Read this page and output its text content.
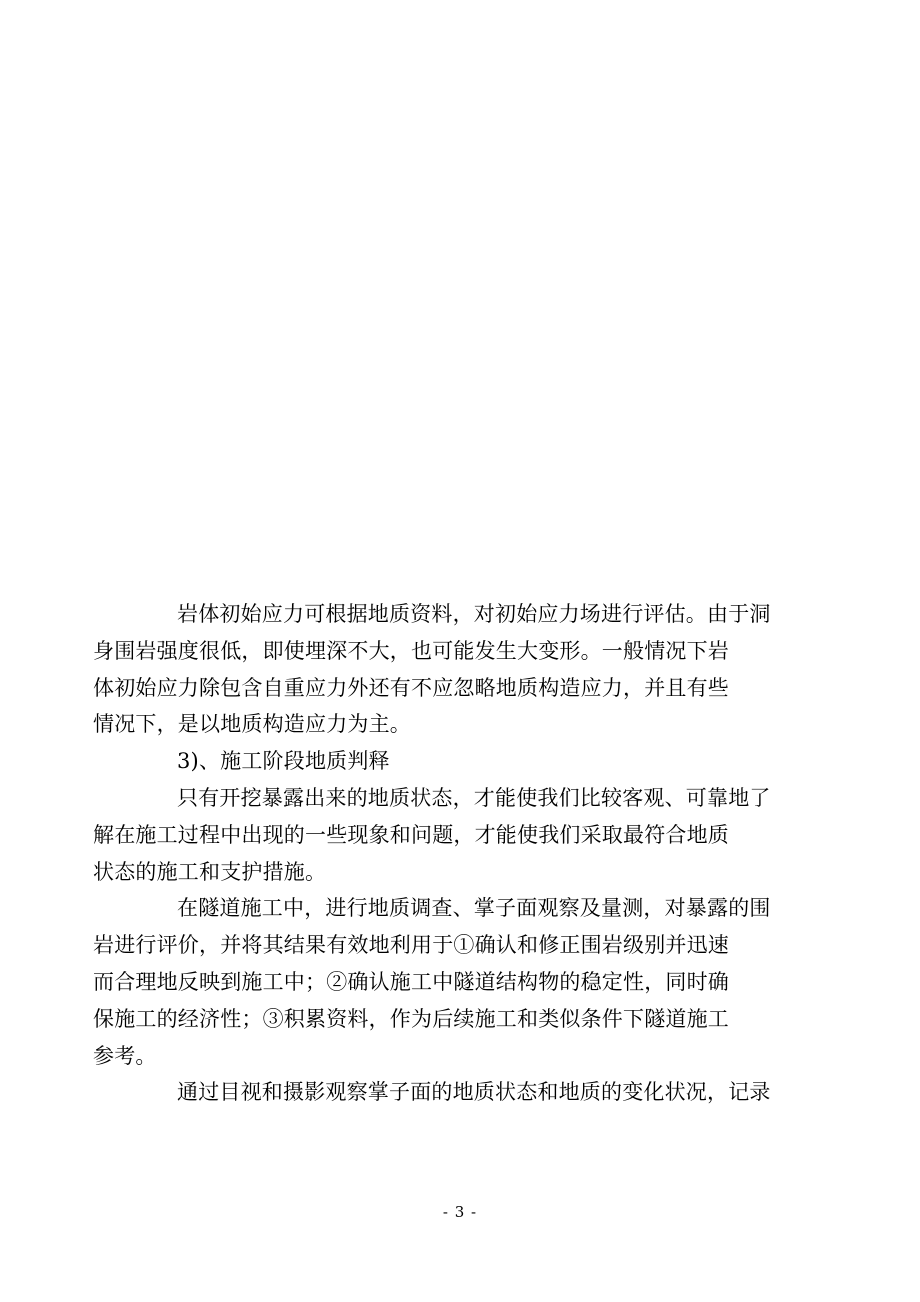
岩体初始应力可根据地质资料，对初始应力场进行评估。由于洞
身围岩强度很低，即使埋深不大，也可能发生大变形。一般情况下岩
体初始应力除包含自重应力外还有不应忽略地质构造应力，并且有些
情况下，是以地质构造应力为主。

3)、施工阶段地质判释

只有开挖暴露出来的地质状态，才能使我们比较客观、可靠地了
解在施工过程中出现的一些现象和问题，才能使我们采取最符合地质
状态的施工和支护措施。

在隧道施工中，进行地质调查、掌子面观察及量测，对暴露的围
岩进行评价，并将其结果有效地利用于①确认和修正围岩级别并迅速
而合理地反映到施工中；②确认施工中隧道结构物的稳定性，同时确
保施工的经济性；③积累资料，作为后续施工和类似条件下隧道施工
参考。

通过目视和摄影观察掌子面的地质状态和地质的变化状况，记录

- 3 -
